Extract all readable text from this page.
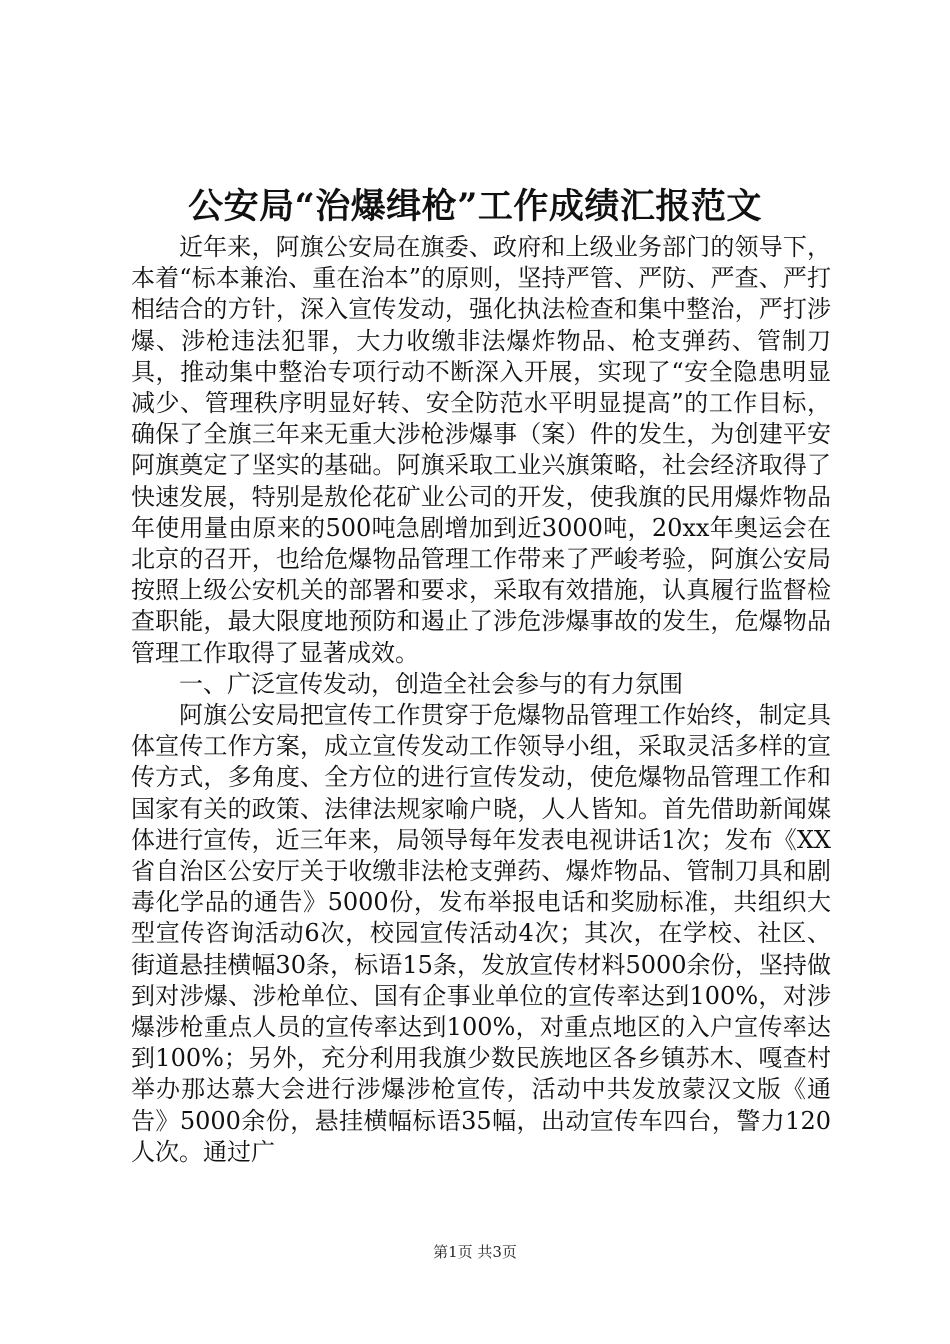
公安局“治爆缉枪”工作成绩汇报范文

近年来，阿旗公安局在旗委、政府和上级业务部门的领导下，本着“标本兼治、重在治本”的原则，坚持严管、严防、严查、严打相结合的方针，深入宣传发动，强化执法检查和集中整治，严打涉爆、涉枪违法犯罪，大力收缴非法爆炸物品、枪支弹药、管制刀具，推动集中整治专项行动不断深入开展，实现了“安全隐患明显减少、管理秩序明显好转、安全防范水平明显提高”的工作目标，确保了全旗三年来无重大涉枪涉爆事（案）件的发生，为创建平安阿旗奠定了坚实的基础。阿旗采取工业兴旗策略，社会经济取得了快速发展，特别是敖伦花矿业公司的开发，使我旗的民用爆炸物品年使用量由原来的500吨急剧增加到近3000吨，20xx年奥运会在北京的召开，也给危爆物品管理工作带来了严峻考验，阿旗公安局按照上级公安机关的部署和要求，采取有效措施，认真履行监督检查职能，最大限度地预防和遏止了涉危涉爆事故的发生，危爆物品管理工作取得了显著成效。

一、广泛宣传发动，创造全社会参与的有力氛围

阿旗公安局把宣传工作贯穿于危爆物品管理工作始终，制定具体宣传工作方案，成立宣传发动工作领导小组，采取灵活多样的宣传方式，多角度、全方位的进行宣传发动，使危爆物品管理工作和国家有关的政策、法律法规家喻户晓，人人皆知。首先借助新闻媒体进行宣传，近三年来，局领导每年发表电视讲话1次；发布《XX省自治区公安厅关于收缴非法枪支弹药、爆炸物品、管制刀具和剧毒化学品的通告》5000份，发布举报电话和奖励标准，共组织大型宣传咨询活动6次，校园宣传活动4次；其次，在学校、社区、街道悬挂横幅30条，标语15条，发放宣传材料5000余份，坚持做到对涉爆、涉枪单位、国有企事业单位的宣传率达到100%，对涉爆涉枪重点人员的宣传率达到100%，对重点地区的入户宣传率达到100%；另外，充分利用我旗少数民族地区各乡镇苏木、嘎查村举办那达慕大会进行涉爆涉枪宣传，活动中共发放蒙汉文版《通告》5000余份，悬挂横幅标语35幅，出动宣传车四台，警力120人次。通过广

第1页 共3页
